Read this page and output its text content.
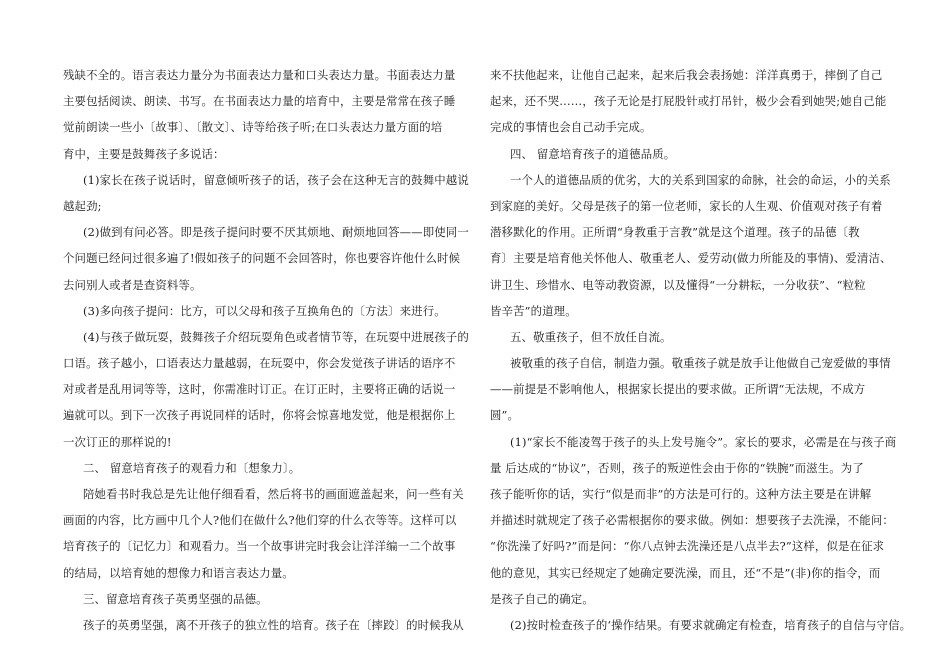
残缺不全的。语言表达力量分为书面表达力量和口头表达力量。书面表达力量
主要包括阅读、朗读、书写。在书面表达力量的培育中，主要是常常在孩子睡
觉前朗读一些小〔故事〕、〔散文〕、诗等给孩子听;在口头表达力量方面的培
育中，主要是鼓舞孩子多说话：
(1)家长在孩子说话时，留意倾听孩子的话，孩子会在这种无言的鼓舞中越说
越起劲;
(2)做到有问必答。即是孩子提问时要不厌其烦地、耐烦地回答——即使同一
个问题已经问过很多遍了!假如孩子的问题不会回答时，你也要容许他什么时候
去问别人或者是查资料等。
(3)多向孩子提问：比方，可以父母和孩子互换角色的〔方法〕来进行。
(4)与孩子做玩耍，鼓舞孩子介绍玩耍角色或者情节等，在玩耍中进展孩子的
口语。孩子越小，口语表达力量越弱，在玩耍中，你会发觉孩子讲话的语序不
对或者是乱用词等等，这时，你需准时订正。在订正时，主要将正确的话说一
遍就可以。到下一次孩子再说同样的话时，你将会惊喜地发觉，他是根据你上
一次订正的那样说的!
二、 留意培育孩子的观看力和〔想象力〕。
陪她看书时我总是先让他仔细看看，然后将书的画面遮盖起来，问一些有关
画面的内容，比方画中几个人?他们在做什么?他们穿的什么衣等等。这样可以
培育孩子的〔记忆力〕和观看力。当一个故事讲完时我会让洋洋编一二个故事
的结局，以培育她的想像力和语言表达力量。
三、留意培育孩子英勇坚强的品德。
孩子的英勇坚强，离不开孩子的独立性的培育。孩子在〔摔跤〕的时候我从
来不扶他起来，让他自己起来，起来后我会表扬她：洋洋真勇于，摔倒了自己
起来，还不哭……，孩子无论是打屁股针或打吊针，极少会看到她哭;她自己能
完成的事情也会自己动手完成。
四、 留意培育孩子的道德品质。
一个人的道德品质的优劣，大的关系到国家的命脉，社会的命运，小的关系
到家庭的美好。父母是孩子的第一位老师，家长的人生观、价值观对孩子有着
潜移默化的作用。正所谓“身教重于言教”就是这个道理。孩子的品德〔教
育〕主要是培育他关怀他人、敬重老人、爱劳动(做力所能及的事情)、爱清洁、
讲卫生、珍惜水、电等动教资源，以及懂得“一分耕耘，一分收获”、“粒粒
皆辛苦”的道理。
五、敬重孩子，但不放任自流。
被敬重的孩子自信，制造力强。敬重孩子就是放手让他做自己宠爱做的事情
——前提是不影响他人，根据家长提出的要求做。正所谓“无法规，不成方
圆”。
(1)“家长不能凌驾于孩子的头上发号施令”。家长的要求，必需是在与孩子商
量 后达成的“协议”，否则，孩子的叛逆性会由于你的“铁腕”而滋生。为了
孩子能听你的话，实行“似是而非”的方法是可行的。这种方法主要是在讲解
并描述时就规定了孩子必需根据你的要求做。例如：想要孩子去洗澡，不能问：
“你洗澡了好吗?”而是问：“你八点钟去洗澡还是八点半去?”这样，似是在征求
他的意见，其实已经规定了她确定要洗澡，而且，还“不是”(非)你的指令，而
是孩子自己的确定。
(2)按时检查孩子的‘操作结果。有要求就确定有检查，培育孩子的自信与守信。
